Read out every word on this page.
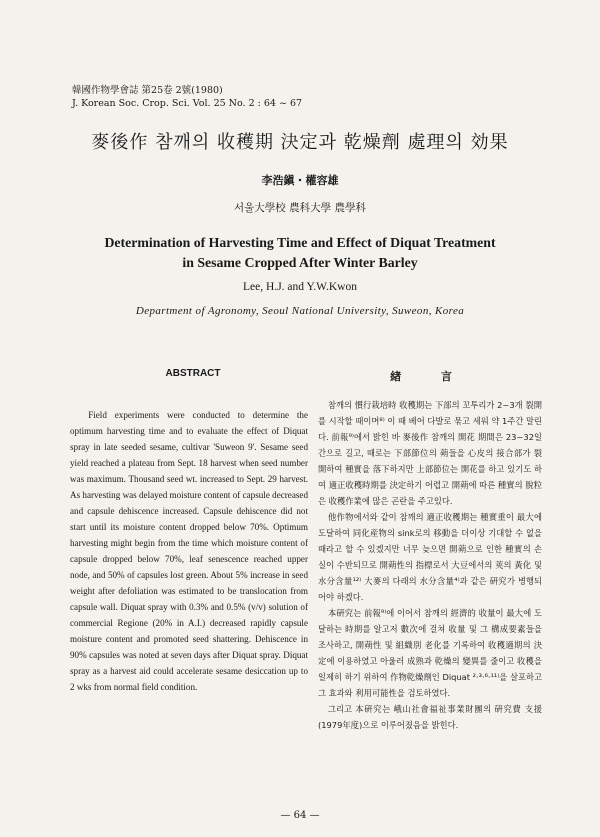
韓國作物學會誌 第25卷 2號(1980)
J. Korean Soc. Crop. Sci. Vol. 25 No. 2 : 64 ~ 67
麥後作 참깨의 收穫期 決定과 乾燥劑 處理의 効果
李浩鎭・權容雄
서울大學校 農科大學 農學科
Determination of Harvesting Time and Effect of Diquat Treatment
in Sesame Cropped After Winter Barley
Lee, H.J. and Y.W.Kwon
Department of Agronomy, Seoul National University, Suweon, Korea
ABSTRACT
Field experiments were conducted to determine the optimum harvesting time and to evaluate the effect of Diquat spray in late seeded sesame, cultivar 'Suweon 9'. Sesame seed yield reached a plateau from Sept. 18 harvest when seed number was maximum. Thousand seed wt. increased to Sept. 29 harvest. As harvesting was delayed moisture content of capsule decreased and capsule dehiscence increased. Capsule dehiscence did not start until its moisture content dropped below 70%. Optimum harvesting might begin from the time which moisture content of capsule dropped below 70%, leaf senescence reached upper node, and 50% of capsules lost green. About 5% increase in seed weight after defoliation was estimated to be translocation from capsule wall. Diquat spray with 0.3% and 0.5% (v/v) solution of commercial Regione (20% in A.I.) decreased rapidly capsule moisture content and promoted seed shattering. Dehiscence in 90% capsules was noted at seven days after Diquat spray. Diquat spray as a harvest aid could accelerate sesame desiccation up to 2 wks from normal field condition.
緖 言

참깨의 慣行栽培時 收穫期는 下部의 꼬투리가 2~3개 裂開를 시작할 때이며⁸⁾ 이 때 베어 다발로 묶고 세워 약 1주간 말린다. 前報⁹⁾에서 밝힌 바 麥後作 참깨의 開花 期間은 23~32일간으로 길고, 때로는 下部節位의 蒴들을 心皮의 接合部가 裂開하여 種實을 落下하지만 上部節位는 開花를 하고 있기도 하여 適正收穫時期를 決定하기 어렵고 開蒴에 따른 種實의 脫粒은 收穫作業에 많은 곤란을 주고있다.

他作物에서와 같이 참깨의 適正收穫期는 種實重이 最大에 도달하여 同化産物의 sink로의 移動을 더이상 기대할 수 없을 때라고 할 수 있겠지만 너무 늦으면 開蒴으로 인한 種實의 손실이 수반되므로 開蒴性의 指標로서 大豆에서의 莢의 黃化 및 水分含量¹²⁾ 大麥의 다래의 水分含量⁴⁾과 같은 硏究가 병행되어야 하겠다.

本硏究는 前報⁹⁾에 이어서 참깨의 經濟的 收量이 最大에 도달하는 時期를 알고저 數次에 걸쳐 收量 및 그 構成要素들을 조사하고, 開蒴性 및 組織別 老化를 기록하여 收穫適期의 決定에 이용하였고 아울러 成熟과 乾燥의 變異를 줄이고 收穫을 일제히 하기 위하여 作物乾燥劑인 Diquat ²·³·⁶·¹¹⁾을 살포하고 그 효과와 利用可能性을 검토하였다.

그리고 本硏究는 峨山社會福祉事業財團의 硏究費 支援(1979年度)으로 이루어졌음을 밝힌다.

— 64 —
